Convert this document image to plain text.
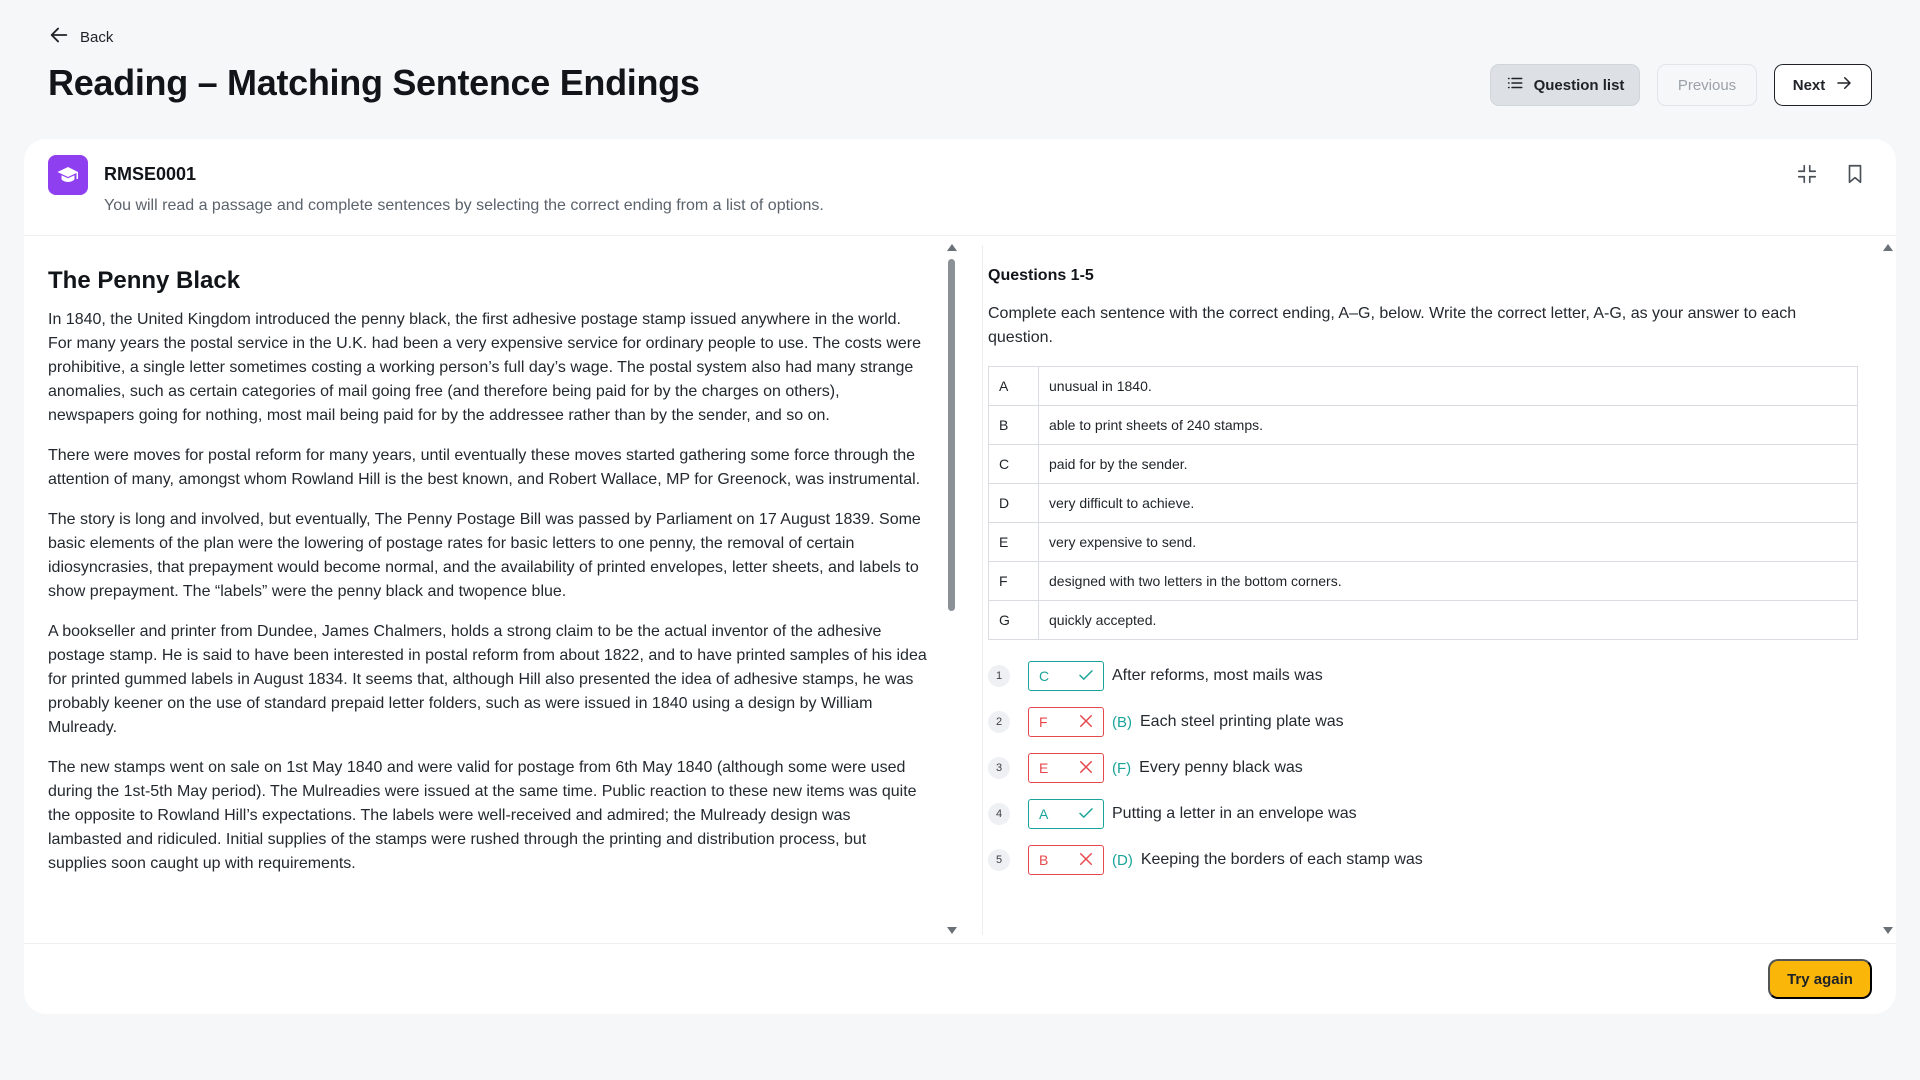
Back
Reading – Matching Sentence Endings	Question list	Previous	Next
RMSE0001
You will read a passage and complete sentences by selecting the correct ending from a list of options.
The Penny Black

In 1840, the United Kingdom introduced the penny black, the first adhesive postage stamp issued anywhere in the world. For many years the postal service in the U.K. had been a very expensive service for ordinary people to use. The costs were prohibitive, a single letter sometimes costing a working person’s full day’s wage. The postal system also had many strange anomalies, such as certain categories of mail going free (and therefore being paid for by the charges on others), newspapers going for nothing, most mail being paid for by the addressee rather than by the sender, and so on.

There were moves for postal reform for many years, until eventually these moves started gathering some force through the attention of many, amongst whom Rowland Hill is the best known, and Robert Wallace, MP for Greenock, was instrumental.

The story is long and involved, but eventually, The Penny Postage Bill was passed by Parliament on 17 August 1839. Some basic elements of the plan were the lowering of postage rates for basic letters to one penny, the removal of certain idiosyncrasies, that prepayment would become normal, and the availability of printed envelopes, letter sheets, and labels to show prepayment. The “labels” were the penny black and twopence blue.

A bookseller and printer from Dundee, James Chalmers, holds a strong claim to be the actual inventor of the adhesive postage stamp. He is said to have been interested in postal reform from about 1822, and to have printed samples of his idea for printed gummed labels in August 1834. It seems that, although Hill also presented the idea of adhesive stamps, he was probably keener on the use of standard prepaid letter folders, such as were issued in 1840 using a design by William Mulready.

The new stamps went on sale on 1st May 1840 and were valid for postage from 6th May 1840 (although some were used during the 1st-5th May period). The Mulreadies were issued at the same time. Public reaction to these new items was quite the opposite to Rowland Hill’s expectations. The labels were well-received and admired; the Mulready design was lambasted and ridiculed. Initial supplies of the stamps were rushed through the printing and distribution process, but supplies soon caught up with requirements.

Questions 1-5
Complete each sentence with the correct ending, A–G, below. Write the correct letter, A-G, as your answer to each question.
A	unusual in 1840.
B	able to print sheets of 240 stamps.
C	paid for by the sender.
D	very difficult to achieve.
E	very expensive to send.
F	designed with two letters in the bottom corners.
G	quickly accepted.
1	C	After reforms, most mails was
2	F	(B) Each steel printing plate was
3	E	(F) Every penny black was
4	A	Putting a letter in an envelope was
5	B	(D) Keeping the borders of each stamp was
Try again
